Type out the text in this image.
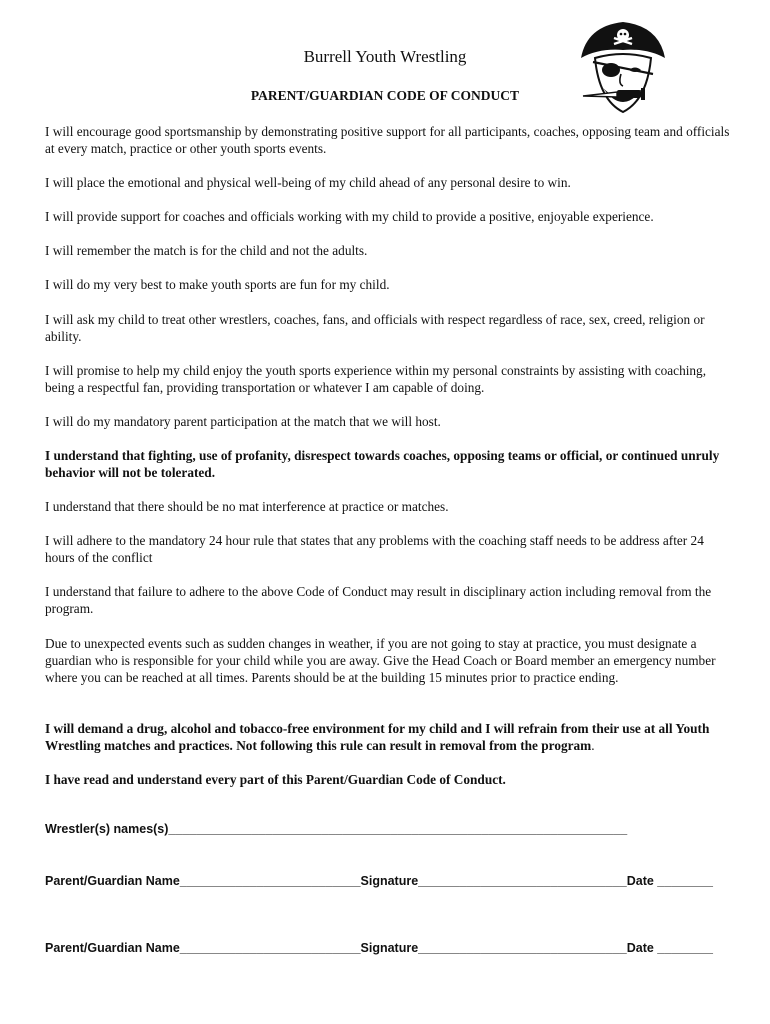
Burrell Youth Wrestling
PARENT/GUARDIAN CODE OF CONDUCT

I will encourage good sportsmanship by demonstrating positive support for all participants, coaches, opposing team and officials at every match, practice or other youth sports events.

I will place the emotional and physical well-being of my child ahead of any personal desire to win.

I will provide support for coaches and officials working with my child to provide a positive, enjoyable experience.

I will remember the match is for the child and not the adults.

I will do my very best to make youth sports are fun for my child.

I will ask my child to treat other wrestlers, coaches, fans, and officials with respect regardless of race, sex, creed, religion or ability.

I will promise to help my child enjoy the youth sports experience within my personal constraints by assisting with coaching, being a respectful fan, providing transportation or whatever I am capable of doing.

I will do my mandatory parent participation at the match that we will host.

I understand that fighting, use of profanity, disrespect towards coaches, opposing teams or official, or continued unruly behavior will not be tolerated.

I understand that there should be no mat interference at practice or matches.

I will adhere to the mandatory 24 hour rule that states that any problems with the coaching staff needs to be address after 24 hours of the conflict

I understand that failure to adhere to the above Code of Conduct may result in disciplinary action including removal from the program.

Due to unexpected events such as sudden changes in weather, if you are not going to stay at practice, you must designate a guardian who is responsible for your child while you are away. Give the Head Coach or Board member an emergency number where you can be reached at all times. Parents should be at the building 15 minutes prior to practice ending.

I will demand a drug, alcohol and tobacco-free environment for my child and I will refrain from their use at all Youth Wrestling matches and practices. Not following this rule can result in removal from the program.

I have read and understand every part of this Parent/Guardian Code of Conduct.

Wrestler(s) names(s)__________________________________________________________________
Parent/Guardian Name__________________________Signature______________________________Date ________
Parent/Guardian Name__________________________Signature______________________________Date ________
